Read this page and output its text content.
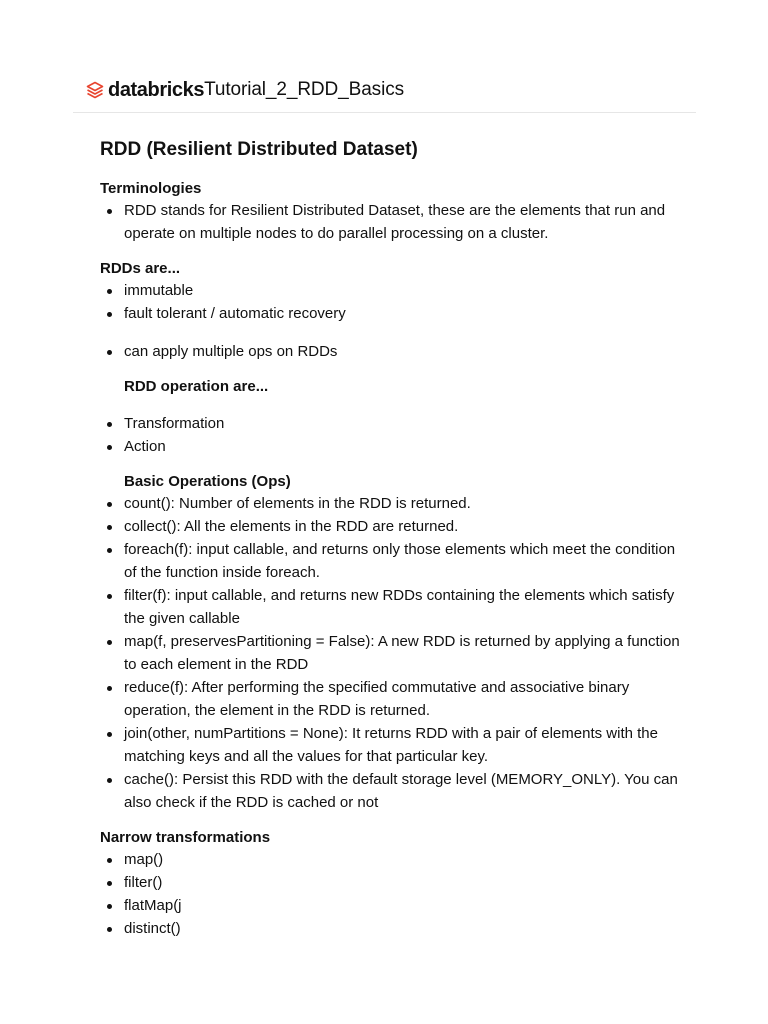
databricks Tutorial_2_RDD_Basics
RDD (Resilient Distributed Dataset)
Terminologies
RDD stands for Resilient Distributed Dataset, these are the elements that run and operate on multiple nodes to do parallel processing on a cluster.
RDDs are...
immutable
fault tolerant / automatic recovery
can apply multiple ops on RDDs
RDD operation are...
Transformation
Action
Basic Operations (Ops)
count(): Number of elements in the RDD is returned.
collect(): All the elements in the RDD are returned.
foreach(f): input callable, and returns only those elements which meet the condition of the function inside foreach.
filter(f): input callable, and returns new RDDs containing the elements which satisfy the given callable
map(f, preservesPartitioning = False): A new RDD is returned by applying a function to each element in the RDD
reduce(f): After performing the specified commutative and associative binary operation, the element in the RDD is returned.
join(other, numPartitions = None): It returns RDD with a pair of elements with the matching keys and all the values for that particular key.
cache(): Persist this RDD with the default storage level (MEMORY_ONLY). You can also check if the RDD is cached or not
Narrow transformations
map()
filter()
flatMap(j
distinct()
